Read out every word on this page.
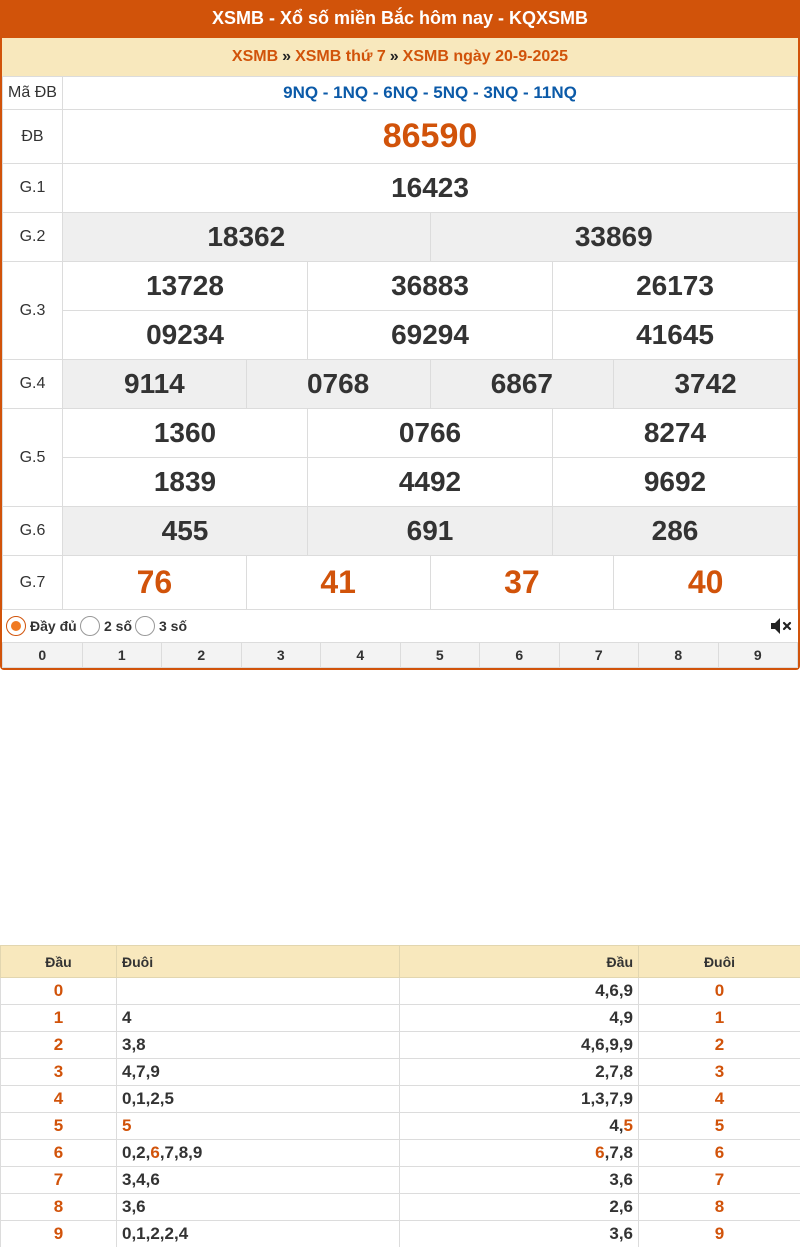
XSMB - Xổ số miền Bắc hôm nay - KQXSMB
XSMB » XSMB thứ 7 » XSMB ngày 20-9-2025
Mã ĐB	9NQ - 1NQ - 6NQ - 5NQ - 3NQ - 11NQ					
ĐB	86590					
G.1	16423					
G.2	18362			33869		
G.3	13728		36883		26173	
	09234		69294		41645	
G.4	9114	0768		6867		3742
G.5	1360		0766		8274	
	1839		4492		9692	
G.6	455		691		286	
G.7	76	41		37		40
Đầy đủ 2 số 3 số
0	1	2	3	4	5	6	7	8	9
Đầu	Đuôi	Đầu	Đuôi
0		4,6,9	0
1	4	4,9	1
2	3,8	4,6,9,9	2
3	4,7,9	2,7,8	3
4	0,1,2,5	1,3,7,9	4
5	5	4,5	5
6	0,2,6,7,8,9	6,7,8	6
7	3,4,6	3,6	7
8	3,6	2,6	8
9	0,1,2,2,4	3,6	9
